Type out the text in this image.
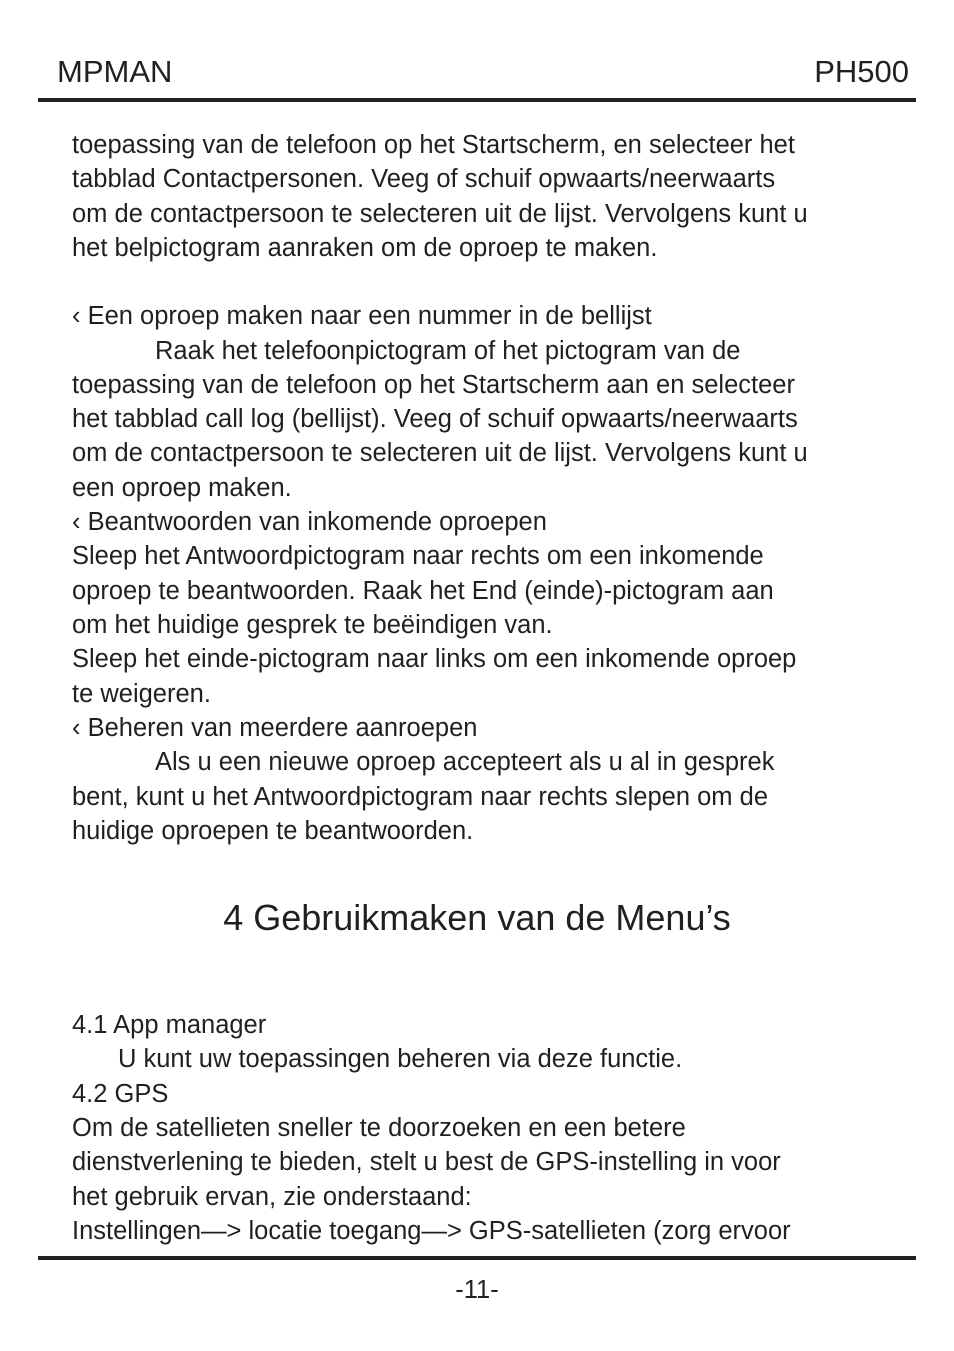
MPMAN	PH500
toepassing van de telefoon op het Startscherm, en selecteer het
tabblad Contactpersonen. Veeg of schuif opwaarts/neerwaarts
om de contactpersoon te selecteren uit de lijst. Vervolgens kunt u
het belpictogram aanraken om de oproep te maken.
‹ Een oproep maken naar een nummer in de bellijst
Raak het telefoonpictogram of het pictogram van de
toepassing van de telefoon op het Startscherm aan en selecteer
het tabblad call log (bellijst). Veeg of schuif opwaarts/neerwaarts
om de contactpersoon te selecteren uit de lijst. Vervolgens kunt u
een oproep maken.
‹ Beantwoorden van inkomende oproepen
Sleep het Antwoordpictogram naar rechts om een inkomende
oproep te beantwoorden. Raak het End (einde)-pictogram aan
om het huidige gesprek te beëindigen van.
Sleep het einde-pictogram naar links om een inkomende oproep
te weigeren.
‹ Beheren van meerdere aanroepen
Als u een nieuwe oproep accepteert als u al in gesprek
bent, kunt u het Antwoordpictogram naar rechts slepen om de
huidige oproepen te beantwoorden.
4 Gebruikmaken van de Menu’s
4.1 App manager
U kunt uw toepassingen beheren via deze functie.
4.2 GPS
Om de satellieten sneller te doorzoeken en een betere
dienstverlening te bieden, stelt u best de GPS-instelling in voor
het gebruik ervan, zie onderstaand:
Instellingen—> locatie toegang—> GPS-satellieten (zorg ervoor
-11-
